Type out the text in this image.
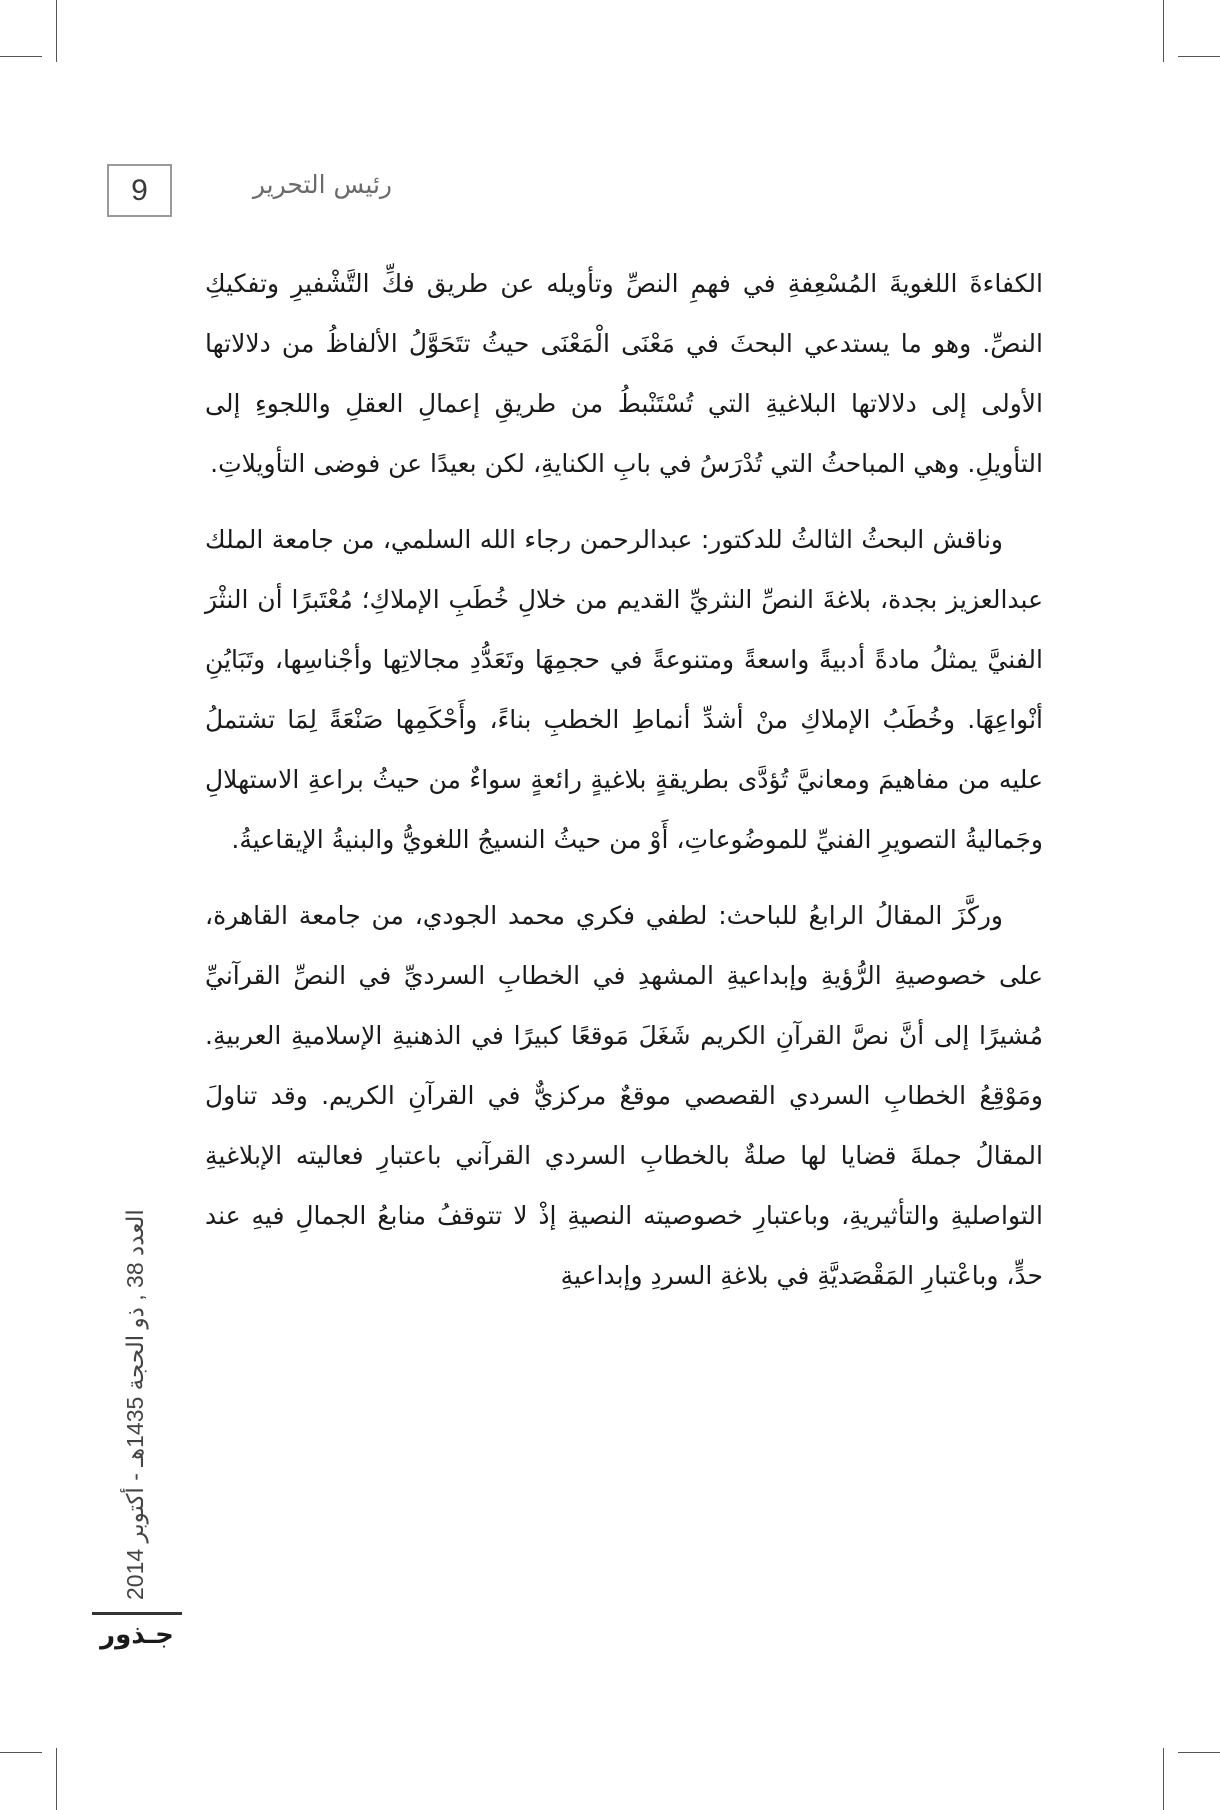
9	رئيس التحرير

الكفاءةَ اللغويةَ المُسْعِفةِ في فهمِ النصِّ وتأويله عن طريق فكِّ التَّشْفيرِ وتفكيكِ النصِّ. وهو ما يستدعي البحثَ في مَعْنَى الْمَعْنَى حيثُ تتَحَوَّلُ الألفاظُ من دلالاتها الأولى إلى دلالاتها البلاغيةِ التي تُسْتَنْبطُ من طريقِ إعمالِ العقلِ واللجوءِ إلى التأويلِ. وهي المباحثُ التي تُدْرَسُ في بابِ الكنايةِ، لكن بعيدًا عن فوضى التأويلاتِ.

وناقش البحثُ الثالثُ للدكتور: عبدالرحمن رجاء الله السلمي، من جامعة الملك عبدالعزيز بجدة، بلاغةَ النصِّ النثريِّ القديم من خلالِ خُطَبِ الإملاكِ؛ مُعْتَبرًا أن النثْرَ الفنيَّ يمثلُ مادةً أدبيةً واسعةً ومتنوعةً في حجمِهَا وتَعَدُّدِ مجالاتِها وأجْناسِها، وتَبَايُنِ أنْواعِهَا. وخُطَبُ الإملاكِ منْ أشدِّ أنماطِ الخطبِ بناءً، وأَحْكَمِها صَنْعَةً لِمَا تشتملُ عليه من مفاهيمَ ومعانيَّ تُؤدَّى بطريقةٍ بلاغيةٍ رائعةٍ سواءٌ من حيثُ براعةِ الاستهلالِ وجَماليةُ التصويرِ الفنيِّ للموضُوعاتِ، أَوْ من حيثُ النسيجُ اللغويُّ والبنيةُ الإيقاعيةُ.

وركَّزَ المقالُ الرابعُ للباحث: لطفي فكري محمد الجودي، من جامعة القاهرة، على خصوصيةِ الرُّؤيةِ وإبداعيةِ المشهدِ في الخطابِ السرديِّ في النصِّ القرآنيِّ مُشيرًا إلى أنَّ نصَّ القرآنِ الكريم شَغَلَ مَوقعًا كبيرًا في الذهنيةِ الإسلاميةِ العربيةِ. ومَوْقِعُ الخطابِ السردي القصصي موقعٌ مركزيٌّ في القرآنِ الكريم. وقد تناولَ المقالُ جملةَ قضايا لها صلةٌ بالخطابِ السردي القرآني باعتبارِ فعاليته الإبلاغيةِ التواصليةِ والتأثيريةِ، وباعتبارِ خصوصيته النصيةِ إذْ لا تتوقفُ منابعُ الجمالِ فيهِ عند حدٍّ، وباعْتبارِ المَقْصَديَّةِ في بلاغةِ السردِ وإبداعيةِ

العدد 38 , ذو الحجة 1435هـ - أكتوبر 2014
جـذور
